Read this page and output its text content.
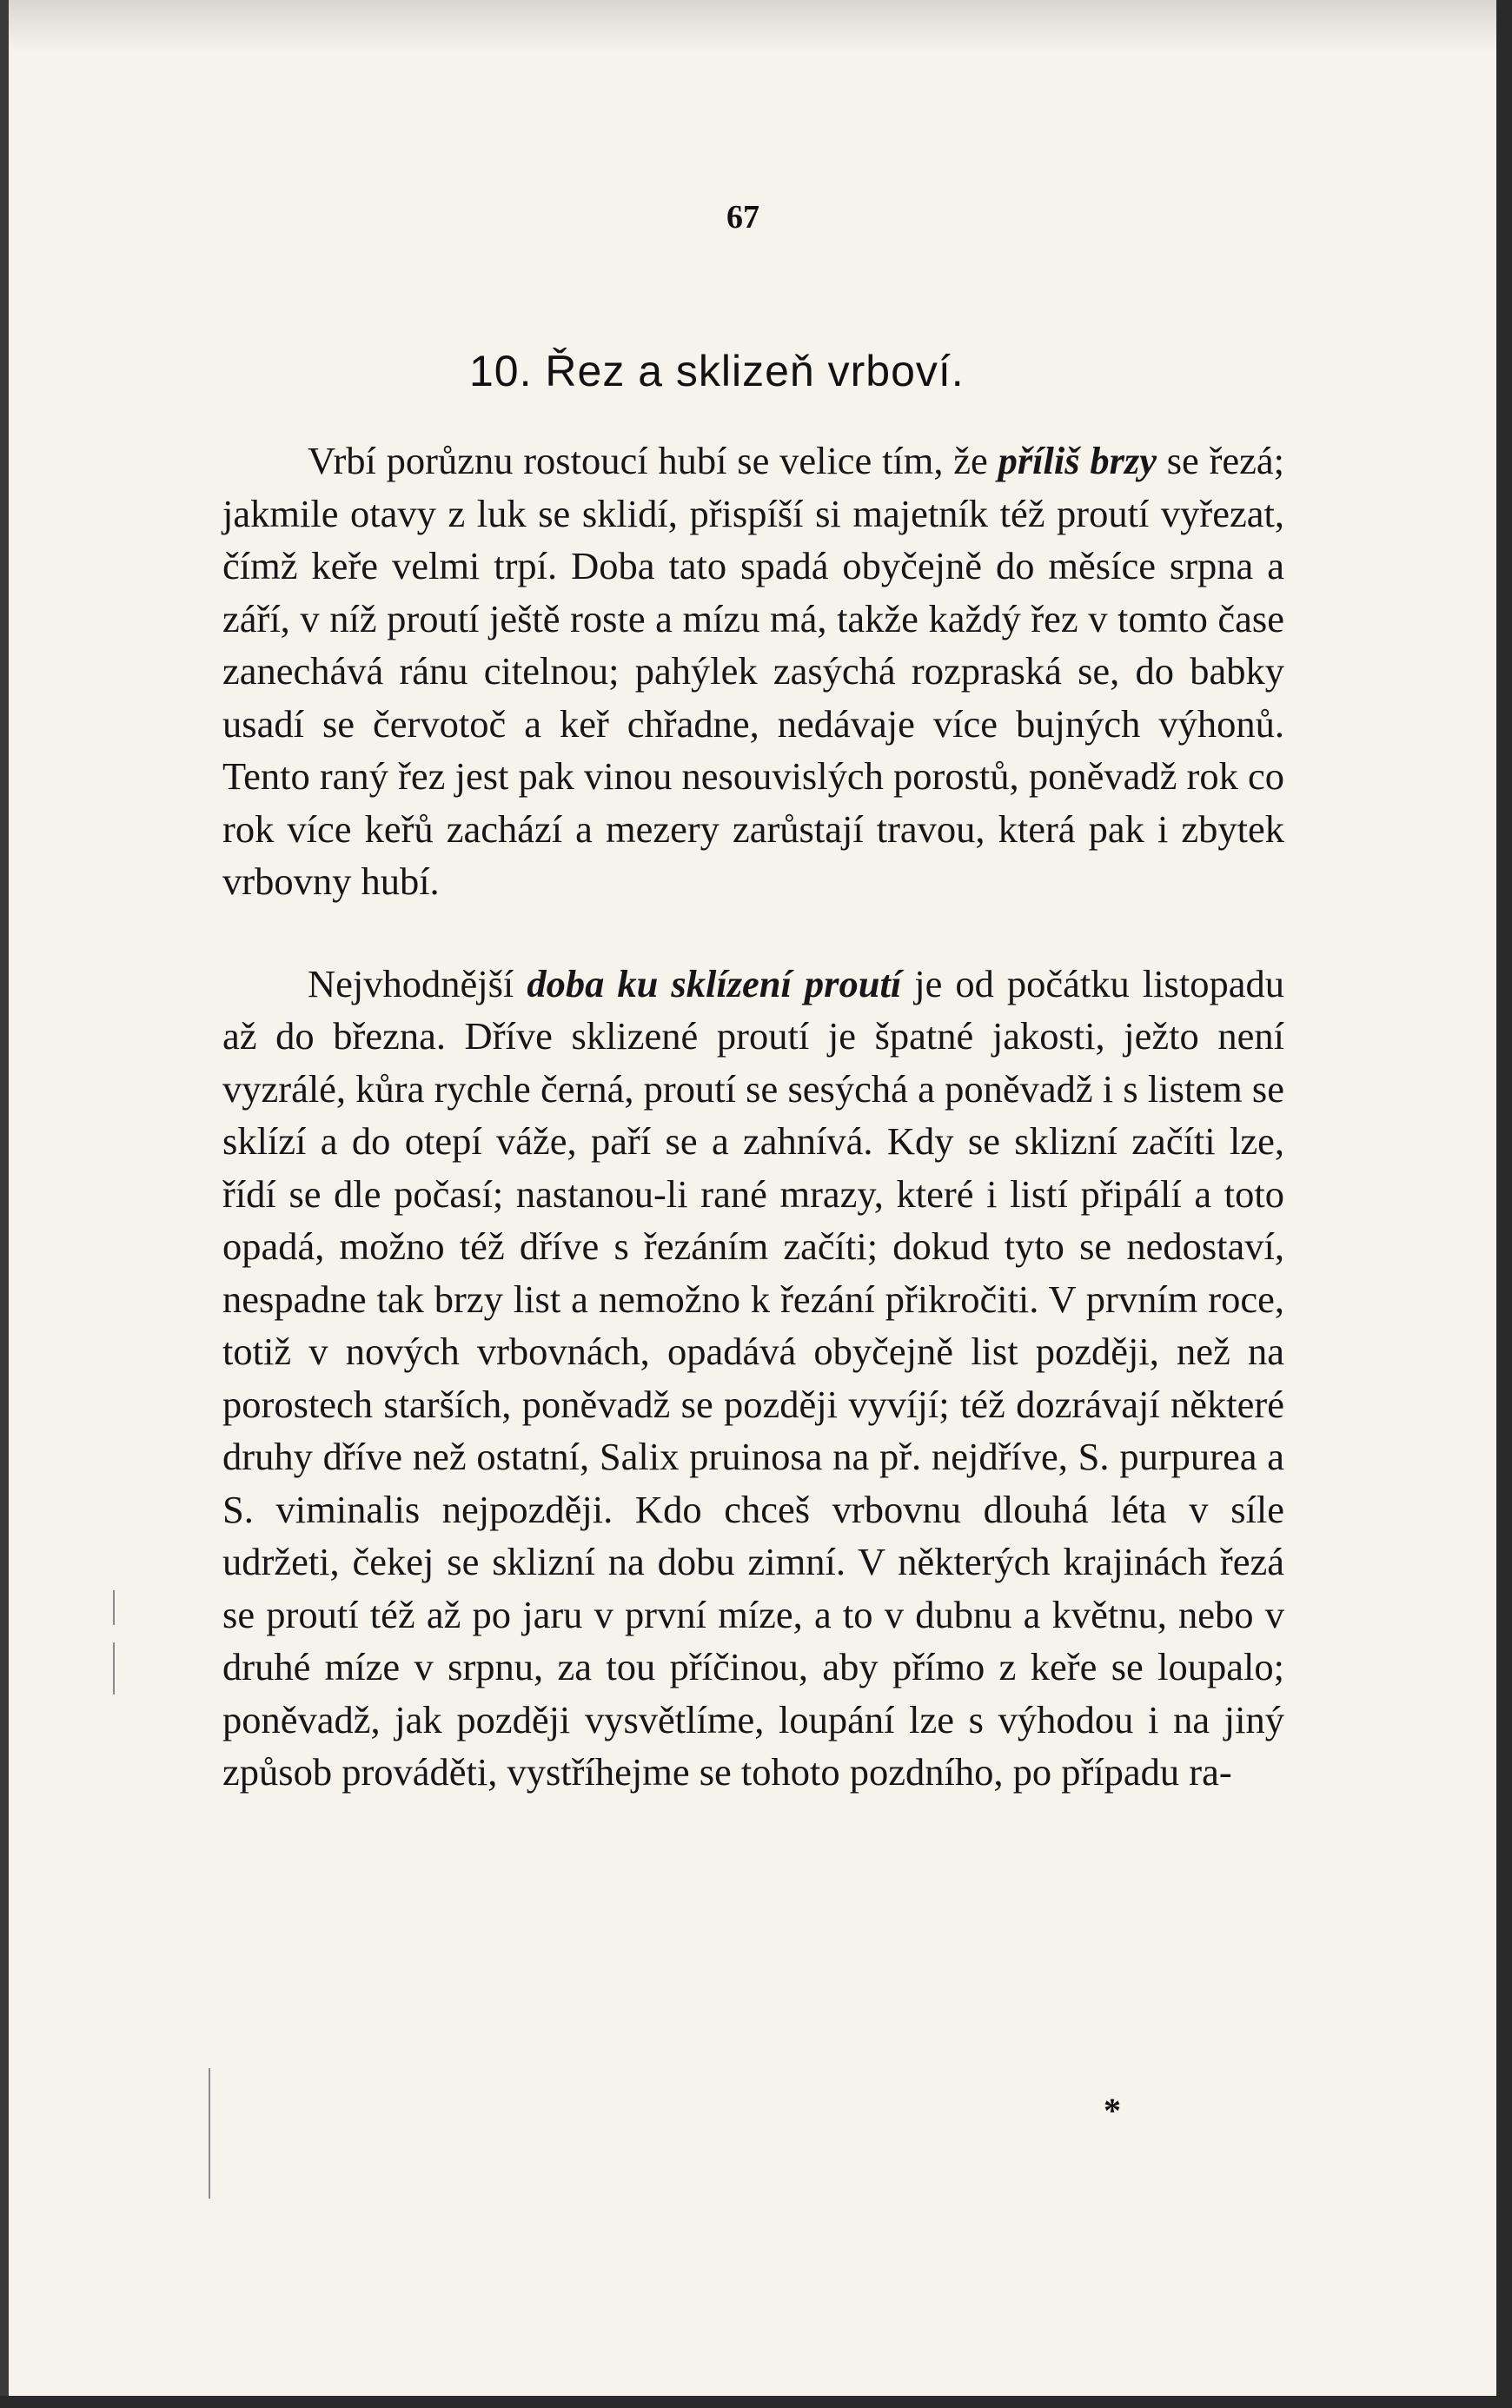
67
10. Řez a sklizeň vrboví.

Vrbí porůznu rostoucí hubí se velice tím, že příliš brzy se řezá; jakmile otavy z luk se sklidí, přispíší si majetník též proutí vyřezat, čímž keře velmi trpí. Doba tato spadá obyčejně do měsíce srpna a září, v níž proutí ještě roste a mízu má, takže každý řez v tomto čase zanechává ránu citelnou; pahýlek zasýchá rozpraská se, do babky usadí se červotoč a keř chřadne, nedávaje více bujných výhonů. Tento raný řez jest pak vinou nesouvislých porostů, poněvadž rok co rok více keřů zachází a mezery zarůstají travou, která pak i zbytek vrbovny hubí.

Nejvhodnější doba ku sklízení proutí je od počátku listopadu až do března. Dříve sklizené proutí je špatné jakosti, ježto není vyzrálé, kůra rychle černá, proutí se sesýchá a poněvadž i s listem se sklízí a do otepí váže, paří se a zahnívá. Kdy se sklizní začíti lze, řídí se dle počasí; nastanou-li rané mrazy, které i listí připálí a toto opadá, možno též dříve s řezáním začíti; dokud tyto se nedostaví, nespadne tak brzy list a nemožno k řezání přikročiti. V prvním roce, totiž v nových vrbovnách, opadává obyčejně list později, než na porostech starších, poněvadž se později vyvíjí; též dozrávají některé druhy dříve než ostatní, Salix pruinosa na př. nejdříve, S. purpurea a S. viminalis nejpozději. Kdo chceš vrbovnu dlouhá léta v síle udržeti, čekej se sklizní na dobu zimní. V některých krajinách řezá se proutí též až po jaru v první míze, a to v dubnu a květnu, nebo v druhé míze v srpnu, za tou příčinou, aby přímo z keře se loupalo; poněvadž, jak později vysvětlíme, loupání lze s výhodou i na jiný způsob prováděti, vystříhejme se tohoto pozdního, po případu ra-

*
